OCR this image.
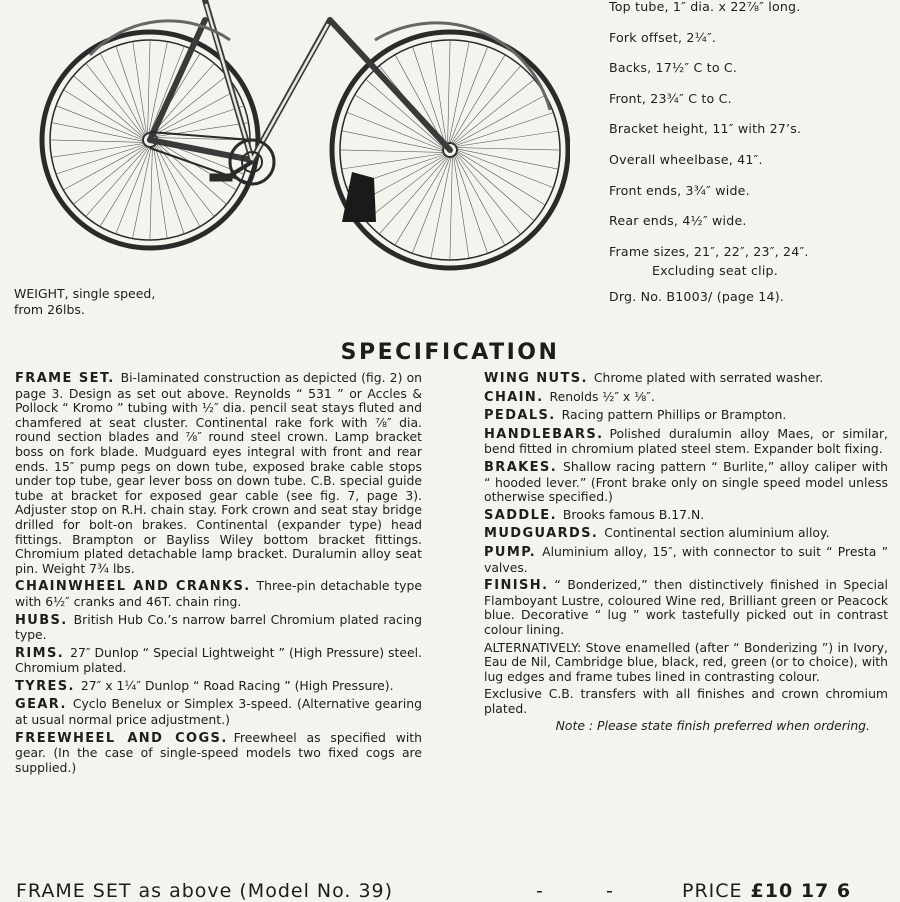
WEIGHT, single speed,
from 26lbs.
Top tube, 1″ dia. x 22⅞″ long.
Fork offset, 2¼″.
Backs, 17½″ C to C.
Front, 23¾″ C to C.
Bracket height, 11″ with 27’s.
Overall wheelbase, 41″.
Front ends, 3¾″ wide.
Rear ends, 4½″ wide.
Frame sizes, 21″, 22″, 23″, 24″.
Excluding seat clip.
Drg. No. B1003/ (page 14).
SPECIFICATION
FRAME SET. Bi-laminated construction as depicted (fig. 2) on page 3. Design as set out above. Reynolds “ 531 ” or Accles & Pollock “ Kromo ” tubing with ½″ dia. pencil seat stays fluted and chamfered at seat cluster. Continental rake fork with ⅞″ dia. round section blades and ⅞″ round steel crown. Lamp bracket boss on fork blade. Mudguard eyes integral with front and rear ends. 15″ pump pegs on down tube, exposed brake cable stops under top tube, gear lever boss on down tube. C.B. special guide tube at bracket for exposed gear cable (see fig. 7, page 3). Adjuster stop on R.H. chain stay. Fork crown and seat stay bridge drilled for bolt-on brakes. Continental (expander type) head fittings. Brampton or Bayliss Wiley bottom bracket fittings. Chromium plated detachable lamp bracket. Duralumin alloy seat pin. Weight 7¾ lbs.
CHAINWHEEL AND CRANKS. Three-pin detachable type with 6½″ cranks and 46T. chain ring.
HUBS. British Hub Co.’s narrow barrel Chromium plated racing type.
RIMS. 27″ Dunlop “ Special Lightweight ” (High Pressure) steel. Chromium plated.
TYRES. 27″ x 1¼″ Dunlop “ Road Racing ” (High Pressure).
GEAR. Cyclo Benelux or Simplex 3-speed. (Alternative gearing at usual normal price adjustment.)
FREEWHEEL AND COGS. Freewheel as specified with gear. (In the case of single-speed models two fixed cogs are supplied.)
WING NUTS. Chrome plated with serrated washer.
CHAIN. Renolds ½″ x ⅛″.
PEDALS. Racing pattern Phillips or Brampton.
HANDLEBARS. Polished duralumin alloy Maes, or similar, bend fitted in chromium plated steel stem. Expander bolt fixing.
BRAKES. Shallow racing pattern “ Burlite,” alloy caliper with “ hooded lever.” (Front brake only on single speed model unless otherwise specified.)
SADDLE. Brooks famous B.17.N.
MUDGUARDS. Continental section aluminium alloy.
PUMP. Aluminium alloy, 15″, with connector to suit “ Presta ” valves.
FINISH. “ Bonderized,” then distinctively finished in Special Flamboyant Lustre, coloured Wine red, Brilliant green or Peacock blue. Decorative “ lug ” work tastefully picked out in contrast colour lining.
ALTERNATIVELY: Stove enamelled (after “ Bonderizing ”) in Ivory, Eau de Nil, Cambridge blue, black, red, green (or to choice), with lug edges and frame tubes lined in contrasting colour.
Exclusive C.B. transfers with all finishes and crown chromium plated.
Note : Please state finish preferred when ordering.
FRAME SET as above (Model No. 39)	-	-	PRICE £10 17 6
